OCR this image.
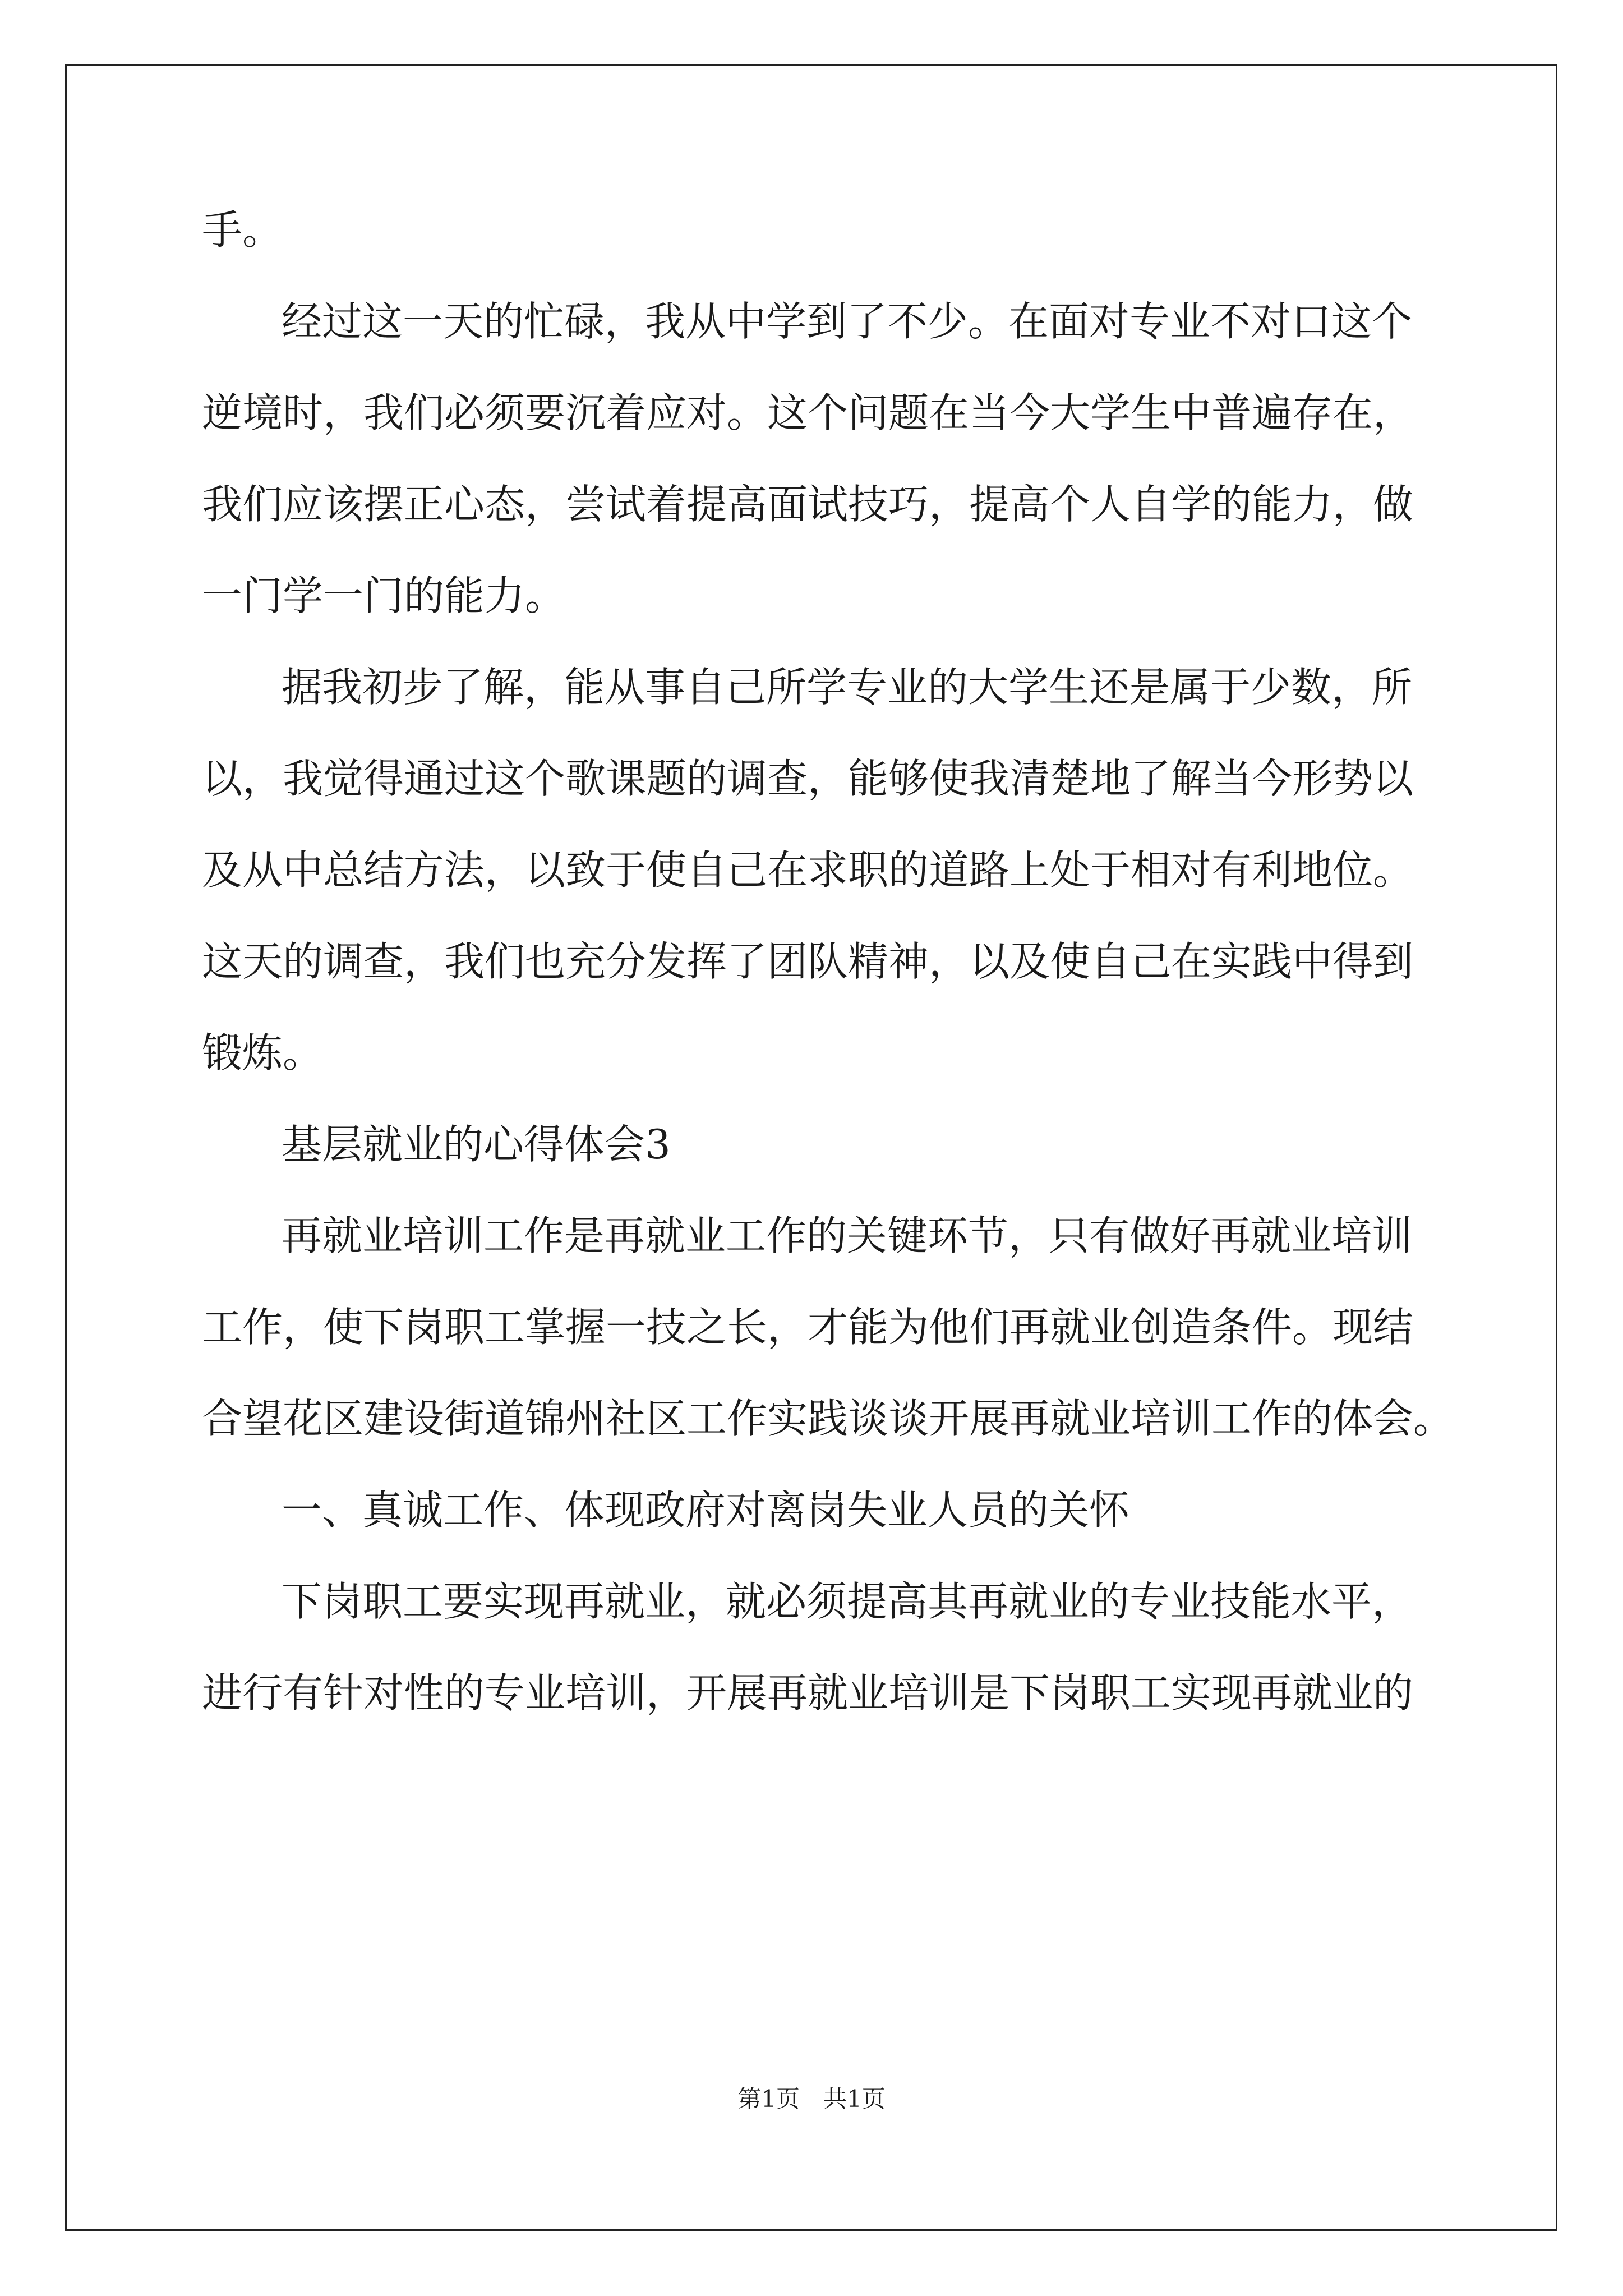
手。
经过这一天的忙碌，我从中学到了不少。在面对专业不对口这个
逆境时，我们必须要沉着应对。这个问题在当今大学生中普遍存在，
我们应该摆正心态，尝试着提高面试技巧，提高个人自学的能力，做
一门学一门的能力。
据我初步了解，能从事自己所学专业的大学生还是属于少数，所
以，我觉得通过这个歌课题的调查，能够使我清楚地了解当今形势以
及从中总结方法，以致于使自己在求职的道路上处于相对有利地位。
这天的调查，我们也充分发挥了团队精神，以及使自己在实践中得到
锻炼。
基层就业的心得体会3
再就业培训工作是再就业工作的关键环节，只有做好再就业培训
工作，使下岗职工掌握一技之长，才能为他们再就业创造条件。现结
合望花区建设街道锦州社区工作实践谈谈开展再就业培训工作的体会。
一、真诚工作、体现政府对离岗失业人员的关怀
下岗职工要实现再就业，就必须提高其再就业的专业技能水平，
进行有针对性的专业培训，开展再就业培训是下岗职工实现再就业的
第1页　共1页
